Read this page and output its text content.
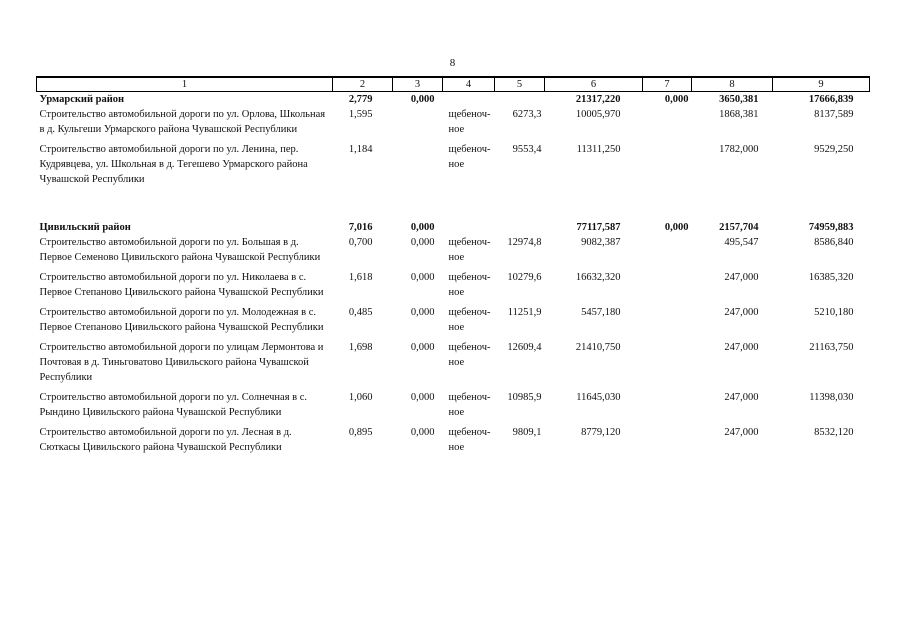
8
1	2	3	4	5	6	7	8	9
Урмарский район	2,779	0,000			21317,220	0,000	3650,381	17666,839
Строительство автомобильной дороги по ул. Орлова, Школьная в д. Кульгеши Урмарского района Чувашской Республики	1,595		щебеноч-ное	6273,3	10005,970		1868,381	8137,589
Строительство автомобильной дороги по ул. Ленина, пер. Кудрявцева, ул. Школьная в д. Тегешево Урмарского района Чувашской Республики	1,184		щебеноч-ное	9553,4	11311,250		1782,000	9529,250

Цивильский район	7,016	0,000			77117,587	0,000	2157,704	74959,883
Строительство автомобильной дороги по ул. Большая в д. Первое Семеново Цивильского района Чувашской Республики	0,700	0,000	щебеноч-ное	12974,8	9082,387		495,547	8586,840
Строительство автомобильной дороги по ул. Николаева в с. Первое Степаново Цивильского района Чувашской Республики	1,618	0,000	щебеноч-ное	10279,6	16632,320		247,000	16385,320
Строительство автомобильной дороги по ул. Молодежная в с. Первое Степаново Цивильского района Чувашской Республики	0,485	0,000	щебеноч-ное	11251,9	5457,180		247,000	5210,180
Строительство автомобильной дороги по улицам Лермонтова и Почтовая в д. Тиньговатово Цивильского района Чувашской Республики	1,698	0,000	щебеноч-ное	12609,4	21410,750		247,000	21163,750
Строительство автомобильной дороги по ул. Солнечная в с. Рындино Цивильского района Чувашской Республики	1,060	0,000	щебеноч-ное	10985,9	11645,030		247,000	11398,030
Строительство автомобильной дороги по ул. Лесная в д. Сюткасы Цивильского района Чувашской Республики	0,895	0,000	щебеноч-ное	9809,1	8779,120		247,000	8532,120
